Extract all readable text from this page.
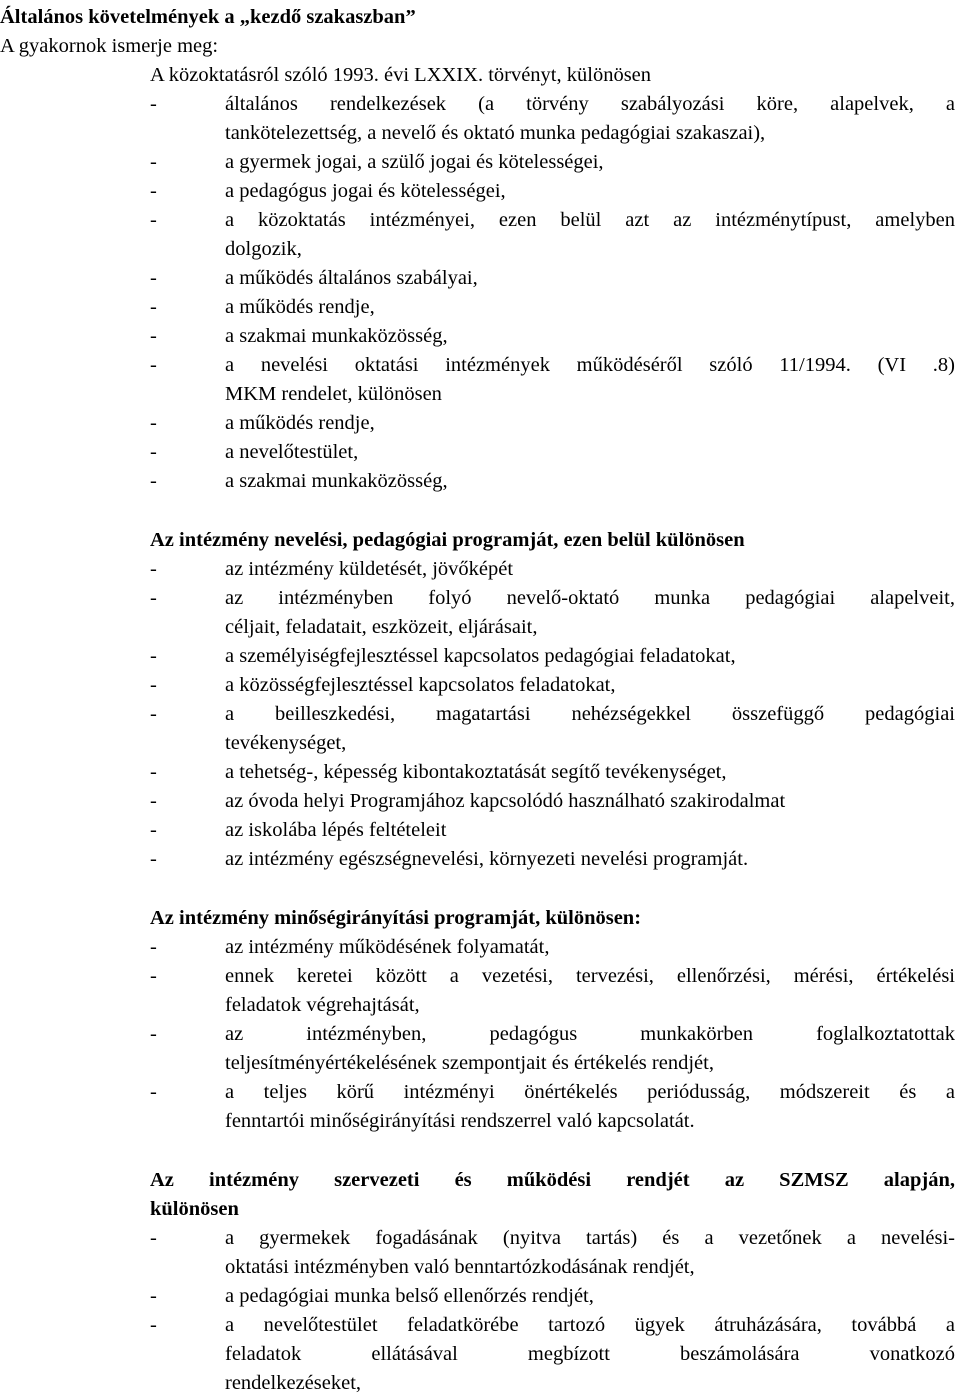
Általános követelmények a „kezdő szakaszban”
A gyakornok ismerje meg:
A közoktatásról szóló 1993. évi LXXIX. törvényt, különösen
-	általános rendelkezések (a törvény szabályozási köre, alapelvek, a
tankötelezettség, a nevelő és oktató munka pedagógiai szakaszai),
-	a gyermek jogai, a szülő jogai és kötelességei,
-	a pedagógus jogai és kötelességei,
-	a közoktatás intézményei, ezen belül azt az intézménytípust, amelyben
dolgozik,
-	a működés általános szabályai,
-	a működés rendje,
-	a szakmai munkaközösség,
-	a nevelési oktatási intézmények működéséről szóló 11/1994. (VI .8)
MKM rendelet, különösen
-	a működés rendje,
-	a nevelőtestület,
-	a szakmai munkaközösség,
Az intézmény nevelési, pedagógiai programját, ezen belül különösen
-	az intézmény küldetését, jövőképét
-	az intézményben folyó nevelő-oktató munka pedagógiai alapelveit,
céljait, feladatait, eszközeit, eljárásait,
-	a személyiségfejlesztéssel kapcsolatos pedagógiai feladatokat,
-	a közösségfejlesztéssel kapcsolatos feladatokat,
-	a beilleszkedési, magatartási nehézségekkel összefüggő pedagógiai
tevékenységet,
-	a tehetség-, képesség kibontakoztatását segítő tevékenységet,
-	az óvoda helyi Programjához kapcsolódó használható szakirodalmat
-	az iskolába lépés feltételeit
-	az intézmény egészségnevelési, környezeti nevelési programját.
Az intézmény minőségirányítási programját, különösen:
-	az intézmény működésének folyamatát,
-	ennek keretei között a vezetési, tervezési, ellenőrzési, mérési, értékelési
feladatok végrehajtását,
-	az intézményben, pedagógus munkakörben foglalkoztatottak
teljesítményértékelésének szempontjait és értékelés rendjét,
-	a teljes körű intézményi önértékelés periódusság, módszereit és a
fenntartói minőségirányítási rendszerrel való kapcsolatát.
Az intézmény szervezeti és működési rendjét az SZMSZ alapján,
különösen
-	a gyermekek fogadásának (nyitva tartás) és a vezetőnek a nevelési-
oktatási intézményben való benntartózkodásának rendjét,
-	a pedagógiai munka belső ellenőrzés rendjét,
-	a nevelőtestület feladatkörébe tartozó ügyek átruházására, továbbá a
feladatok ellátásával megbízott beszámolására vonatkozó
rendelkezéseket,
